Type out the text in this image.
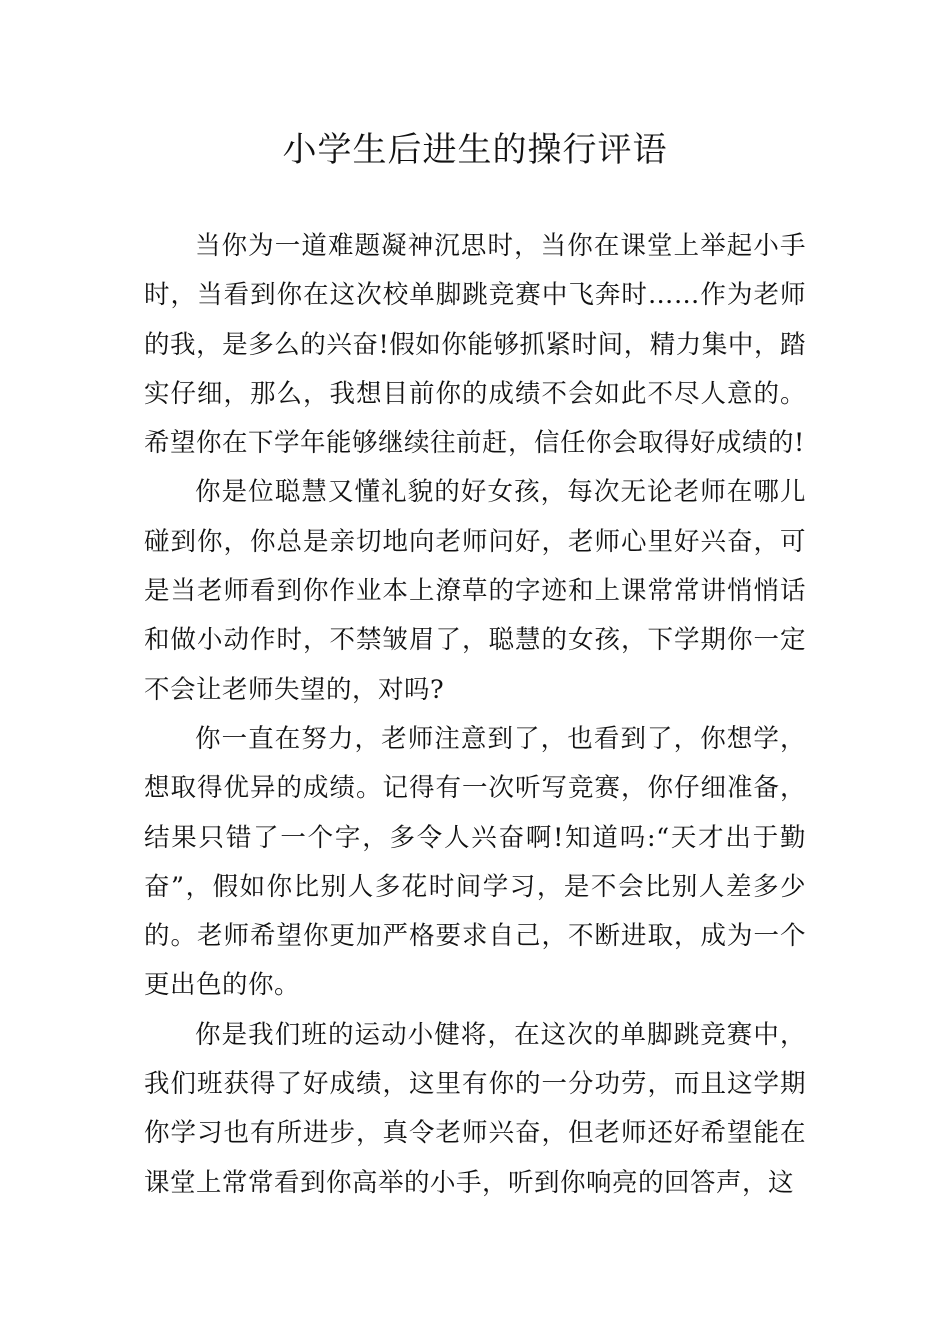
小学生后进生的操行评语

当你为一道难题凝神沉思时，当你在课堂上举起小手时，当看到你在这次校单脚跳竞赛中飞奔时……作为老师的我，是多么的兴奋!假如你能够抓紧时间，精力集中，踏实仔细，那么，我想目前你的成绩不会如此不尽人意的。希望你在下学年能够继续往前赶，信任你会取得好成绩的!

你是位聪慧又懂礼貌的好女孩，每次无论老师在哪儿碰到你，你总是亲切地向老师问好，老师心里好兴奋，可是当老师看到你作业本上潦草的字迹和上课常常讲悄悄话和做小动作时，不禁皱眉了，聪慧的女孩，下学期你一定不会让老师失望的，对吗?

你一直在努力，老师注意到了，也看到了，你想学，想取得优异的成绩。记得有一次听写竞赛，你仔细准备，结果只错了一个字，多令人兴奋啊!知道吗:“天才出于勤奋”，假如你比别人多花时间学习，是不会比别人差多少的。老师希望你更加严格要求自己，不断进取，成为一个更出色的你。

你是我们班的运动小健将，在这次的单脚跳竞赛中，我们班获得了好成绩，这里有你的一分功劳，而且这学期你学习也有所进步，真令老师兴奋，但老师还好希望能在课堂上常常看到你高举的小手，听到你响亮的回答声，这
